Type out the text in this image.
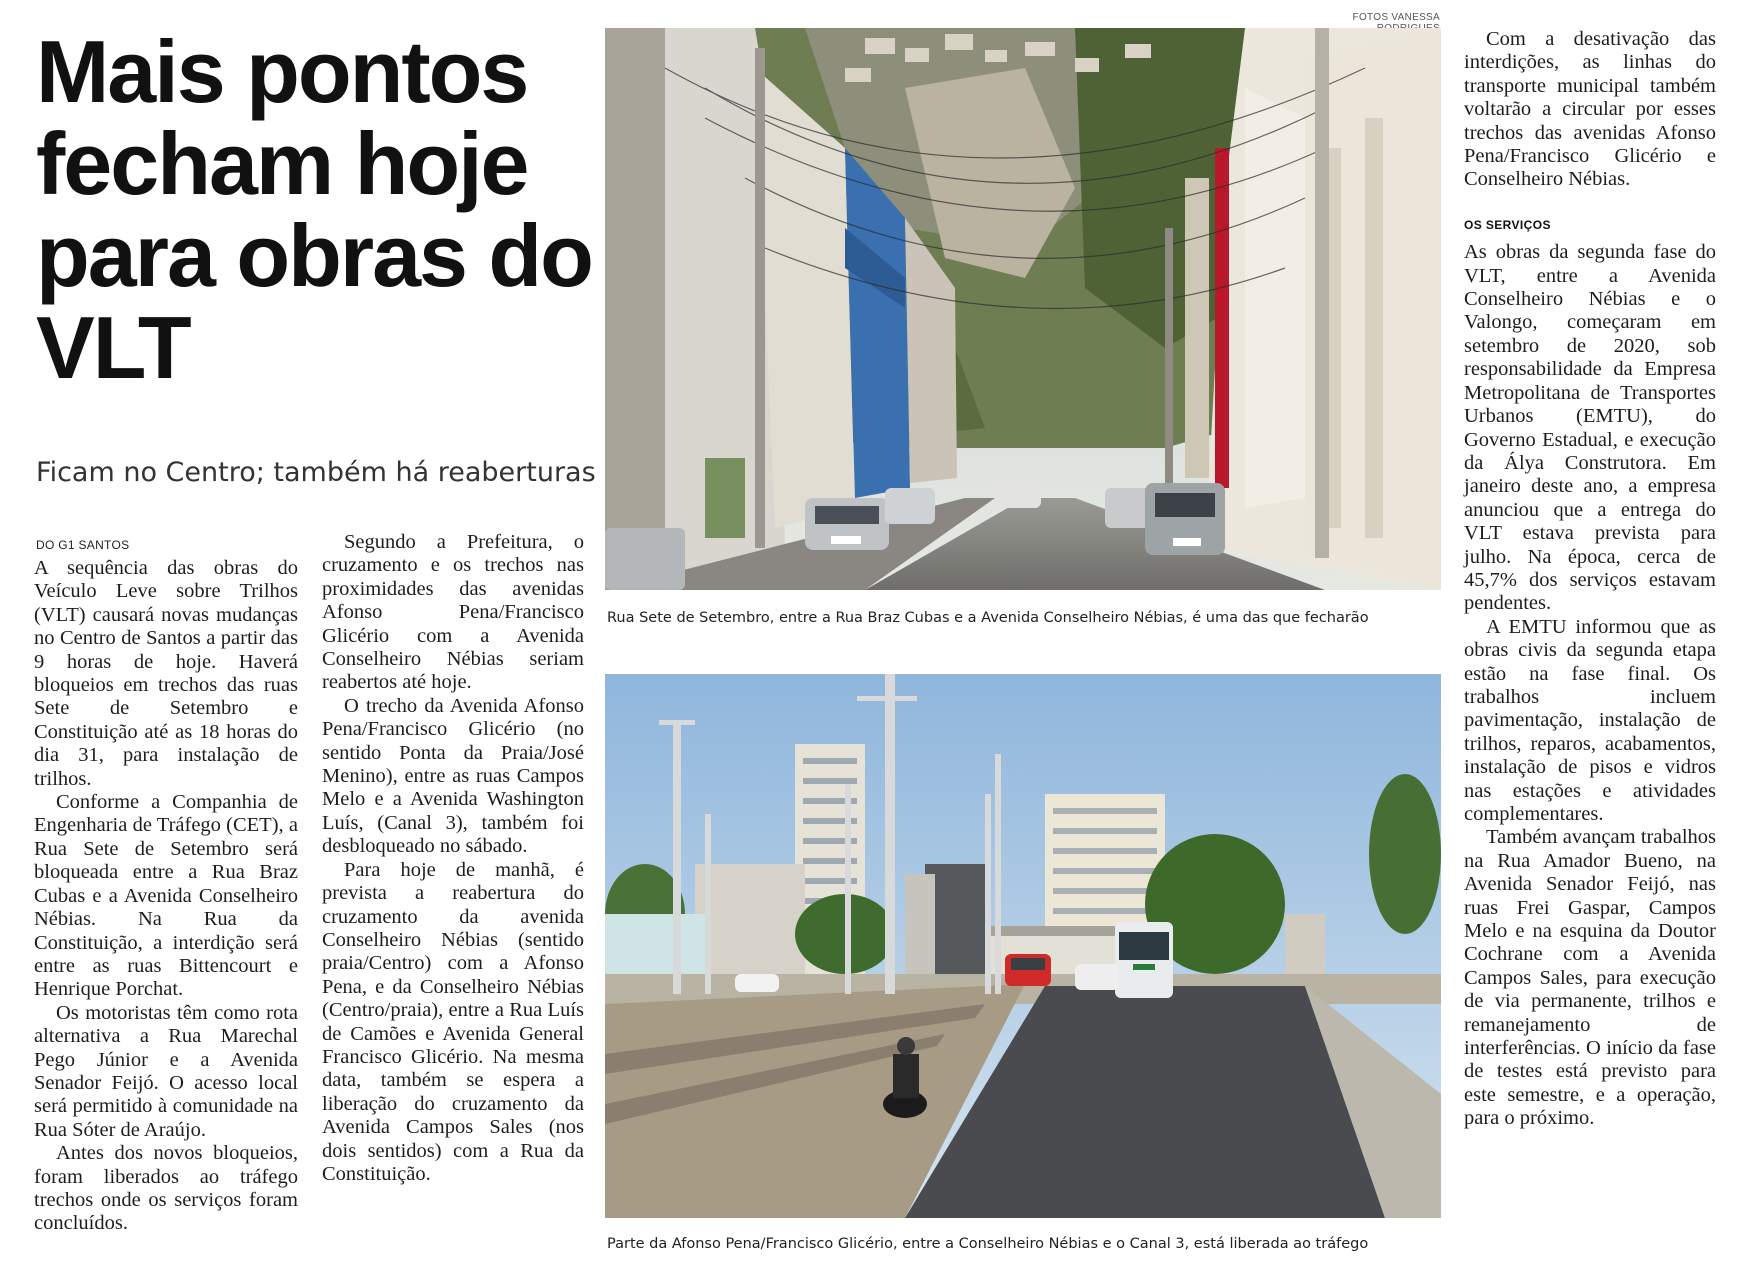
Mais pontos fecham hoje para obras do VLT
Ficam no Centro; também há reaberturas
DO G1 SANTOS

A sequência das obras do Veículo Leve sobre Trilhos (VLT) causará novas mudanças no Centro de Santos a partir das 9 horas de hoje. Haverá bloqueios em trechos das ruas Sete de Setembro e Constituição até as 18 horas do dia 31, para instalação de trilhos.

Conforme a Companhia de Engenharia de Tráfego (CET), a Rua Sete de Setembro será bloqueada entre a Rua Braz Cubas e a Avenida Conselheiro Nébias. Na Rua da Constituição, a interdição será entre as ruas Bittencourt e Henrique Porchat.

Os motoristas têm como rota alternativa a Rua Marechal Pego Júnior e a Avenida Senador Feijó. O acesso local será permitido à comunidade na Rua Sóter de Araújo.

Antes dos novos bloqueios, foram liberados ao tráfego trechos onde os serviços foram concluídos.

Segundo a Prefeitura, o cruzamento e os trechos nas proximidades das avenidas Afonso Pena/Francisco Glicério com a Avenida Conselheiro Nébias seriam reabertos até hoje.

O trecho da Avenida Afonso Pena/Francisco Glicério (no sentido Ponta da Praia/José Menino), entre as ruas Campos Melo e a Avenida Washington Luís, (Canal 3), também foi desbloqueado no sábado.

Para hoje de manhã, é prevista a reabertura do cruzamento da avenida Conselheiro Nébias (sentido praia/Centro) com a Afonso Pena, e da Conselheiro Nébias (Centro/praia), entre a Rua Luís de Camões e Avenida General Francisco Glicério. Na mesma data, também se espera a liberação do cruzamento da Avenida Campos Sales (nos dois sentidos) com a Rua da Constituição.

FOTOS VANESSA
Rua Sete de Setembro, entre a Rua Braz Cubas e a Avenida Conselheiro Nébias, é uma das que fecharão
Parte da Afonso Pena/Francisco Glicério, entre a Conselheiro Nébias e o Canal 3, está liberada ao tráfego

Com a desativação das interdições, as linhas do transporte municipal também voltarão a circular por esses trechos das avenidas Afonso Pena/Francisco Glicério e Conselheiro Nébias.

OS SERVIÇOS

As obras da segunda fase do VLT, entre a Avenida Conselheiro Nébias e o Valongo, começaram em setembro de 2020, sob responsabilidade da Empresa Metropolitana de Transportes Urbanos (EMTU), do Governo Estadual, e execução da Álya Construtora. Em janeiro deste ano, a empresa anunciou que a entrega do VLT estava prevista para julho. Na época, cerca de 45,7% dos serviços estavam pendentes.

A EMTU informou que as obras civis da segunda etapa estão na fase final. Os trabalhos incluem pavimentação, instalação de trilhos, reparos, acabamentos, instalação de pisos e vidros nas estações e atividades complementares.

Também avançam trabalhos na Rua Amador Bueno, na Avenida Senador Feijó, nas ruas Frei Gaspar, Campos Melo e na esquina da Doutor Cochrane com a Avenida Campos Sales, para execução de via permanente, trilhos e remanejamento de interferências. O início da fase de testes está previsto para este semestre, e a operação, para o próximo.
